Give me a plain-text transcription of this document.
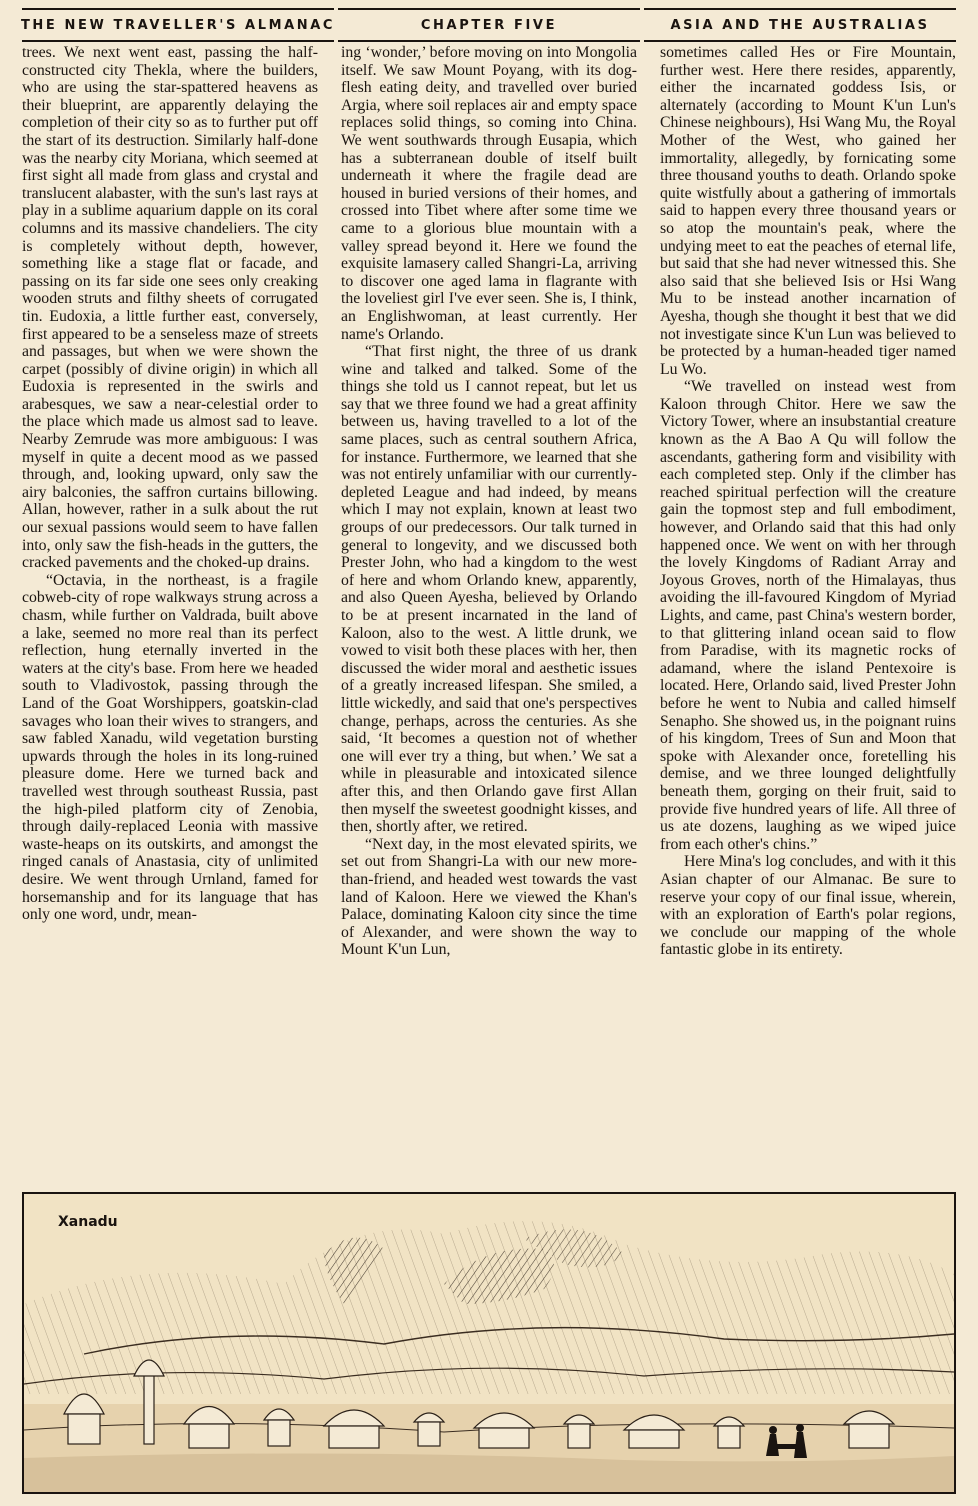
THE NEW TRAVELLER'S ALMANAC	CHAPTER FIVE	ASIA AND THE AUSTRALIAS

trees. We next went east, passing the half-constructed city Thekla, where the builders, who are using the star-spattered heavens as their blueprint, are apparently delaying the completion of their city so as to further put off the start of its destruction. Similarly half-done was the nearby city Moriana, which seemed at first sight all made from glass and crystal and translucent alabaster, with the sun's last rays at play in a sublime aquarium dapple on its coral columns and its massive chandeliers. The city is completely without depth, however, something like a stage flat or facade, and passing on its far side one sees only creaking wooden struts and filthy sheets of corrugated tin. Eudoxia, a little further east, conversely, first appeared to be a senseless maze of streets and passages, but when we were shown the carpet (possibly of divine origin) in which all Eudoxia is represented in the swirls and arabesques, we saw a near-celestial order to the place which made us almost sad to leave. Nearby Zemrude was more ambiguous: I was myself in quite a decent mood as we passed through, and, looking upward, only saw the airy balconies, the saffron curtains billowing. Allan, however, rather in a sulk about the rut our sexual passions would seem to have fallen into, only saw the fish-heads in the gutters, the cracked pavements and the choked-up drains.

“Octavia, in the northeast, is a fragile cobweb-city of rope walkways strung across a chasm, while further on Valdrada, built above a lake, seemed no more real than its perfect reflection, hung eternally inverted in the waters at the city's base. From here we headed south to Vladivostok, passing through the Land of the Goat Worshippers, goatskin-clad savages who loan their wives to strangers, and saw fabled Xanadu, wild vegetation bursting upwards through the holes in its long-ruined pleasure dome. Here we turned back and travelled west through southeast Russia, past the high-piled platform city of Zenobia, through daily-replaced Leonia with massive waste-heaps on its outskirts, and amongst the ringed canals of Anastasia, city of unlimited desire. We went through Urnland, famed for horsemanship and for its language that has only one word, undr, mean-

ing ‘wonder,’ before moving on into Mongolia itself. We saw Mount Poyang, with its dog-flesh eating deity, and travelled over buried Argia, where soil replaces air and empty space replaces solid things, so coming into China. We went southwards through Eusapia, which has a subterranean double of itself built underneath it where the fragile dead are housed in buried versions of their homes, and crossed into Tibet where after some time we came to a glorious blue mountain with a valley spread beyond it. Here we found the exquisite lamasery called Shangri-La, arriving to discover one aged lama in flagrante with the loveliest girl I've ever seen. She is, I think, an Englishwoman, at least currently. Her name's Orlando.

“That first night, the three of us drank wine and talked and talked. Some of the things she told us I cannot repeat, but let us say that we three found we had a great affinity between us, having travelled to a lot of the same places, such as central southern Africa, for instance. Furthermore, we learned that she was not entirely unfamiliar with our currently-depleted League and had indeed, by means which I may not explain, known at least two groups of our predecessors. Our talk turned in general to longevity, and we discussed both Prester John, who had a kingdom to the west of here and whom Orlando knew, apparently, and also Queen Ayesha, believed by Orlando to be at present incarnated in the land of Kaloon, also to the west. A little drunk, we vowed to visit both these places with her, then discussed the wider moral and aesthetic issues of a greatly increased lifespan. She smiled, a little wickedly, and said that one's perspectives change, perhaps, across the centuries. As she said, ‘It becomes a question not of whether one will ever try a thing, but when.’ We sat a while in pleasurable and intoxicated silence after this, and then Orlando gave first Allan then myself the sweetest goodnight kisses, and then, shortly after, we retired.

“Next day, in the most elevated spirits, we set out from Shangri-La with our new more-than-friend, and headed west towards the vast land of Kaloon. Here we viewed the Khan's Palace, dominating Kaloon city since the time of Alexander, and were shown the way to Mount K'un Lun,

sometimes called Hes or Fire Mountain, further west. Here there resides, apparently, either the incarnated goddess Isis, or alternately (according to Mount K'un Lun's Chinese neighbours), Hsi Wang Mu, the Royal Mother of the West, who gained her immortality, allegedly, by fornicating some three thousand youths to death. Orlando spoke quite wistfully about a gathering of immortals said to happen every three thousand years or so atop the mountain's peak, where the undying meet to eat the peaches of eternal life, but said that she had never witnessed this. She also said that she believed Isis or Hsi Wang Mu to be instead another incarnation of Ayesha, though she thought it best that we did not investigate since K'un Lun was believed to be protected by a human-headed tiger named Lu Wo.

“We travelled on instead west from Kaloon through Chitor. Here we saw the Victory Tower, where an insubstantial creature known as the A Bao A Qu will follow the ascendants, gathering form and visibility with each completed step. Only if the climber has reached spiritual perfection will the creature gain the topmost step and full embodiment, however, and Orlando said that this had only happened once. We went on with her through the lovely Kingdoms of Radiant Array and Joyous Groves, north of the Himalayas, thus avoiding the ill-favoured Kingdom of Myriad Lights, and came, past China's western border, to that glittering inland ocean said to flow from Paradise, with its magnetic rocks of adamand, where the island Pentexoire is located. Here, Orlando said, lived Prester John before he went to Nubia and called himself Senapho. She showed us, in the poignant ruins of his kingdom, Trees of Sun and Moon that spoke with Alexander once, foretelling his demise, and we three lounged delightfully beneath them, gorging on their fruit, said to provide five hundred years of life. All three of us ate dozens, laughing as we wiped juice from each other's chins.”

Here Mina's log concludes, and with it this Asian chapter of our Almanac. Be sure to reserve your copy of our final issue, wherein, with an exploration of Earth's polar regions, we conclude our mapping of the whole fantastic globe in its entirety.

Xanadu
